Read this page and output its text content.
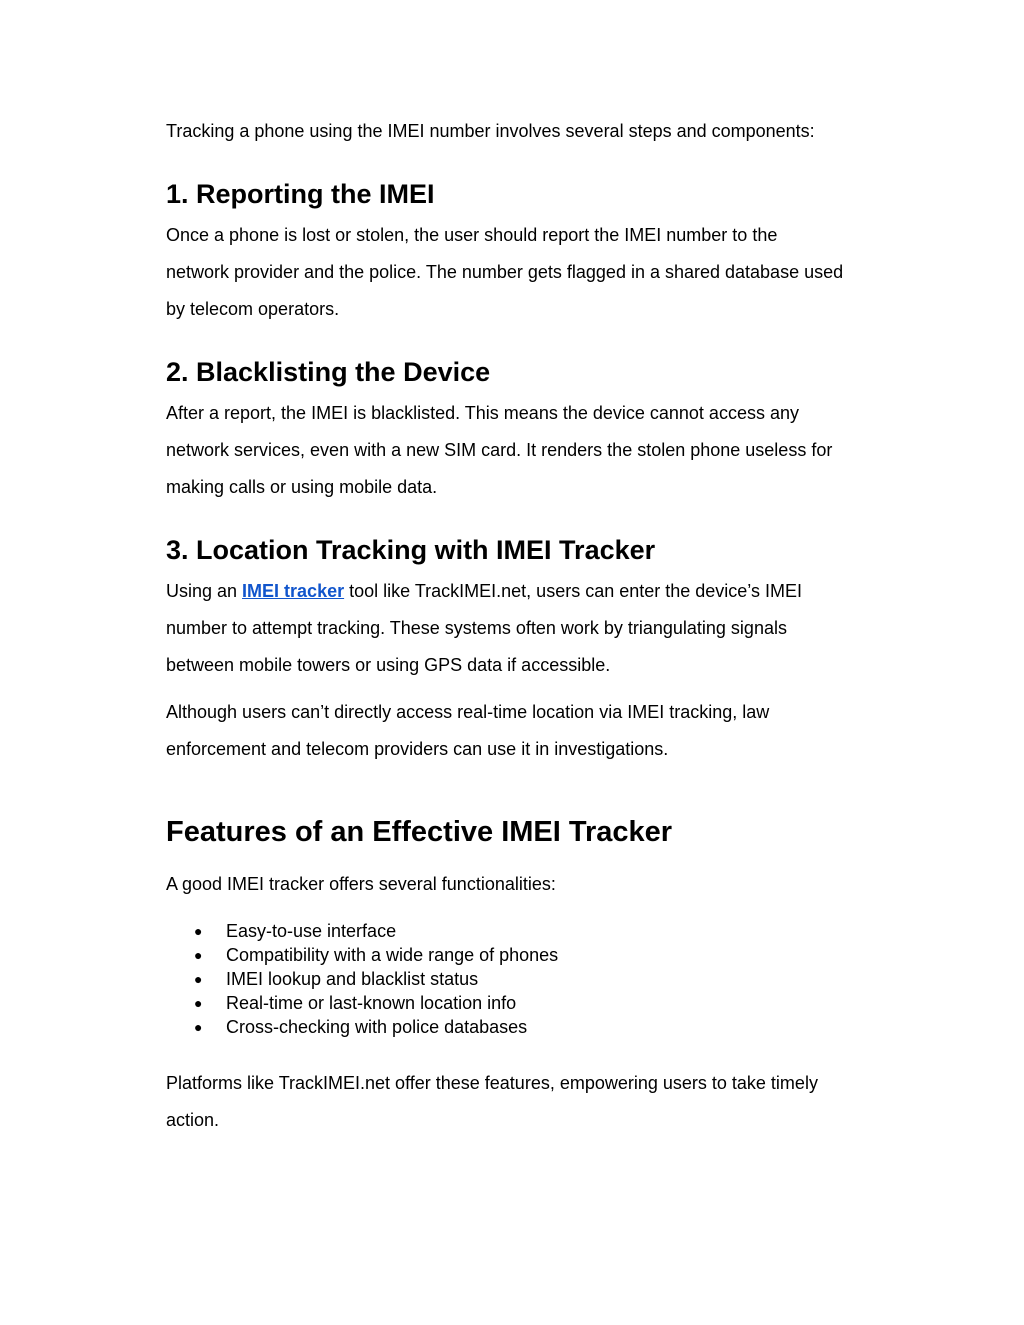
Tracking a phone using the IMEI number involves several steps and components:
1. Reporting the IMEI
Once a phone is lost or stolen, the user should report the IMEI number to the
network provider and the police. The number gets flagged in a shared database used
by telecom operators.
2. Blacklisting the Device
After a report, the IMEI is blacklisted. This means the device cannot access any
network services, even with a new SIM card. It renders the stolen phone useless for
making calls or using mobile data.
3. Location Tracking with IMEI Tracker
Using an IMEI tracker tool like TrackIMEI.net, users can enter the device’s IMEI
number to attempt tracking. These systems often work by triangulating signals
between mobile towers or using GPS data if accessible.
Although users can’t directly access real-time location via IMEI tracking, law
enforcement and telecom providers can use it in investigations.
Features of an Effective IMEI Tracker
A good IMEI tracker offers several functionalities:
● Easy-to-use interface
● Compatibility with a wide range of phones
● IMEI lookup and blacklist status
● Real-time or last-known location info
● Cross-checking with police databases
Platforms like TrackIMEI.net offer these features, empowering users to take timely
action.
